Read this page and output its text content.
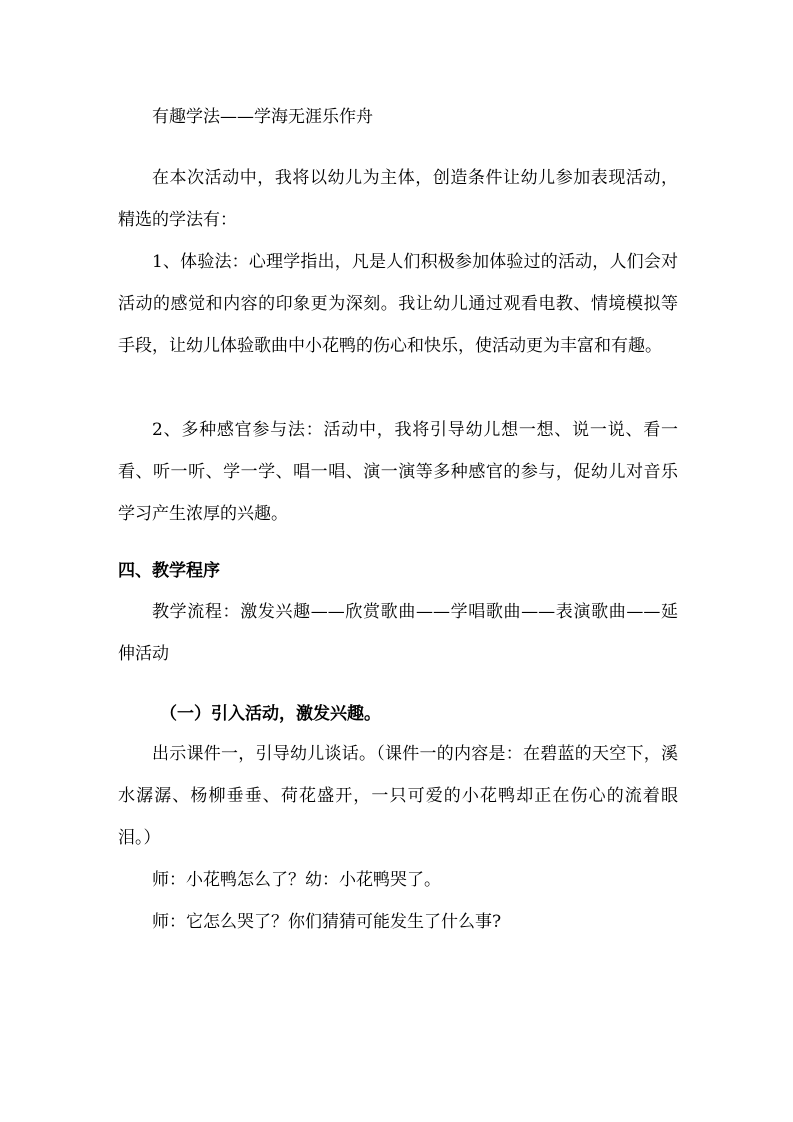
有趣学法——学海无涯乐作舟

在本次活动中，我将以幼儿为主体，创造条件让幼儿参加表现活动，精选的学法有：

1、体验法：心理学指出，凡是人们积极参加体验过的活动，人们会对活动的感觉和内容的印象更为深刻。我让幼儿通过观看电教、情境模拟等手段，让幼儿体验歌曲中小花鸭的伤心和快乐，使活动更为丰富和有趣。

2、多种感官参与法：活动中，我将引导幼儿想一想、说一说、看一看、听一听、学一学、唱一唱、演一演等多种感官的参与，促幼儿对音乐学习产生浓厚的兴趣。

四、教学程序

教学流程：激发兴趣——欣赏歌曲——学唱歌曲——表演歌曲——延伸活动

（一）引入活动，激发兴趣。

出示课件一，引导幼儿谈话。（课件一的内容是：在碧蓝的天空下，溪水潺潺、杨柳垂垂、荷花盛开，一只可爱的小花鸭却正在伤心的流着眼泪。）

师：小花鸭怎么了？幼：小花鸭哭了。

师：它怎么哭了？你们猜猜可能发生了什么事?
